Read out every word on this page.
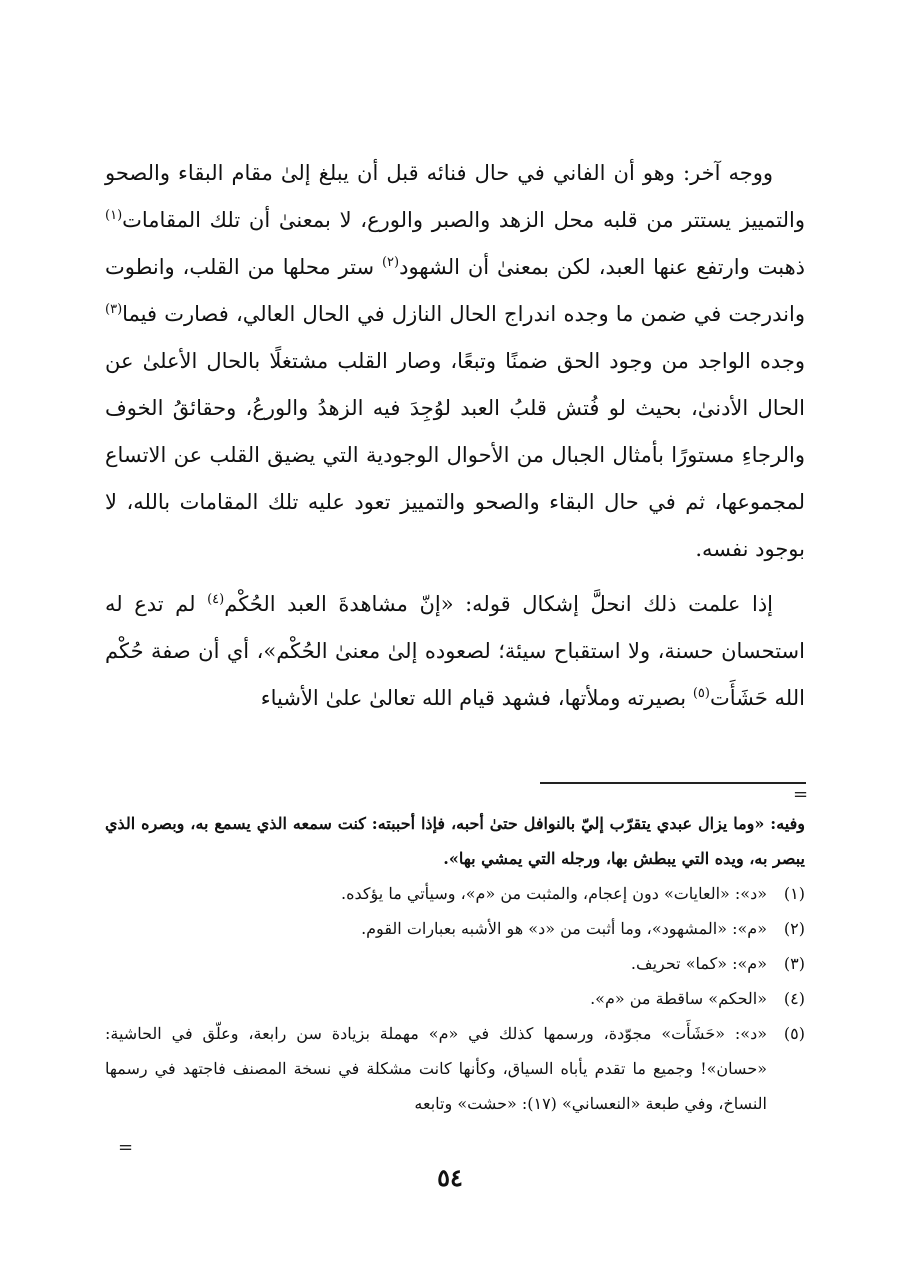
ووجه آخر: وهو أن الفاني في حال فنائه قبل أن يبلغ إلىٰ مقام البقاء والصحو والتمييز يستتر من قلبه محل الزهد والصبر والورع، لا بمعنىٰ أن تلك المقامات$^{(١)}$ ذهبت وارتفع عنها العبد، لكن بمعنىٰ أن الشهود$^{(٢)}$ ستر محلها من القلب، وانطوت واندرجت في ضمن ما وجده اندراج الحال النازل في الحال العالي، فصارت فيما$^{(٣)}$ وجده الواجد من وجود الحق ضمنًا وتبعًا، وصار القلب مشتغلًا بالحال الأعلىٰ عن الحال الأدنىٰ، بحيث لو فُتش قلبُ العبد لوُجِدَ فيه الزهدُ والورعُ، وحقائقُ الخوف والرجاءِ مستورًا بأمثال الجبال من الأحوال الوجودية التي يضيق القلب عن الاتساع لمجموعها، ثم في حال البقاء والصحو والتمييز تعود عليه تلك المقامات بالله، لا بوجود نفسه.

إذا علمت ذلك انحلَّ إشكال قوله: «إنّ مشاهدةَ العبد الحُكْم$^{(٤)}$ لم تدع له استحسان حسنة، ولا استقباح سيئة؛ لصعوده إلىٰ معنىٰ الحُكْم»، أي أن صفة حُكْم الله حَشَأَت$^{(٥)}$ بصيرته وملأتها، فشهد قيام الله تعالىٰ علىٰ الأشياء

=

وفيه: «وما يزال عبدي يتقرّب إليّ بالنوافل حتىٰ أحبه، فإذا أحببته: كنت سمعه الذي يسمع به، وبصره الذي يبصر به، ويده التي يبطش بها، ورجله التي يمشي بها».

(١)
«د»: «العايات» دون إعجام، والمثبت من «م»، وسيأتي ما يؤكده.
(٢)
«م»: «المشهود»، وما أثبت من «د» هو الأشبه بعبارات القوم.
(٣)
«م»: «كما» تحريف.
(٤)
«الحكم» ساقطة من «م».
(٥)
«د»: «حَشَأَت» مجوّدة، ورسمها كذلك في «م» مهملة بزيادة سن رابعة، وعلّق في الحاشية: «حسان»! وجميع ما تقدم يأباه السياق، وكأنها كانت مشكلة في نسخة المصنف فاجتهد في رسمها النساخ، وفي طبعة «النعساني» (١٧): «حشت» وتابعه
=
٥٤
